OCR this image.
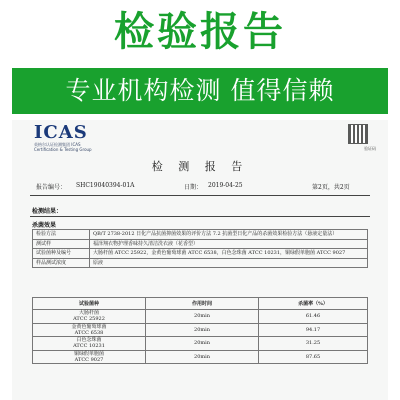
检验报告
专业机构检测 值得信赖
ICAS
英格尔认证检测集团 ICAS Certification & Testing Group	验证码
检 测 报 告
报告编号： SHC19040394-01A	日期： 2019-04-25	第2页，共2页
检测结果：
杀菌效果
检验方法	QB/T 2738-2012 日化产品抗菌抑菌效果的评价方法 7.2 抗菌型日化产品的杀菌效果检验方法（悬液定量法）
测试样	福泽翔衣物护理香味持久清洁洗衣液（花香型）
试验菌种及编号	大肠杆菌 ATCC 25922，金黄色葡萄球菌 ATCC 6538，白色念珠菌 ATCC 10231，铜绿假单胞菌 ATCC 9027
样品测试浓度	原液
试验菌种	作用时间	杀菌率（%）

大肠杆菌
ATCC 25922	20min	61.46

金黄色葡萄球菌
ATCC 6538	20min	94.17

白色念珠菌
ATCC 10231	20min	31.25

铜绿假单胞菌
ATCC 9027	20min	87.65
